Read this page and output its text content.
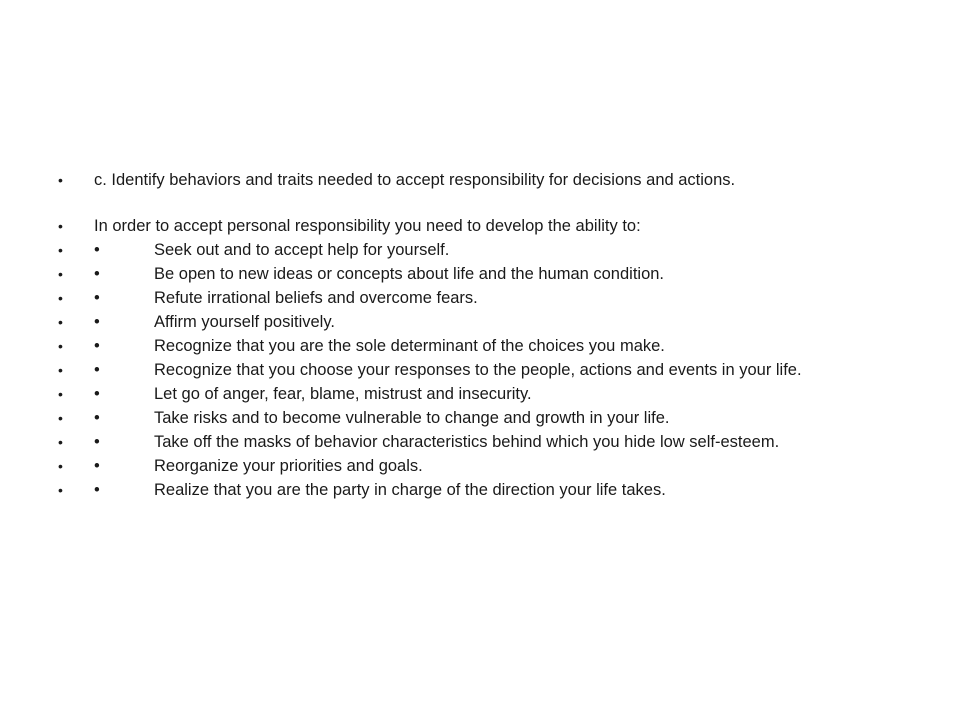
•	c. Identify behaviors and traits needed to accept responsibility for decisions and actions.
•	In order to accept personal responsibility you need to develop the ability to:
•	•	Seek out and to accept help for yourself.
•	•	Be open to new ideas or concepts about life and the human condition.
•	•	Refute irrational beliefs and overcome fears.
•	•	Affirm yourself positively.
•	•	Recognize that you are the sole determinant of the choices you make.
•	•	Recognize that you choose your responses to the people, actions and events in your life.
•	•	Let go of anger, fear, blame, mistrust and insecurity.
•	•	Take risks and to become vulnerable to change and growth in your life.
•	•	Take off the masks of behavior characteristics behind which you hide low self-esteem.
•	•	Reorganize your priorities and goals.
•	•	Realize that you are the party in charge of the direction your life takes.
